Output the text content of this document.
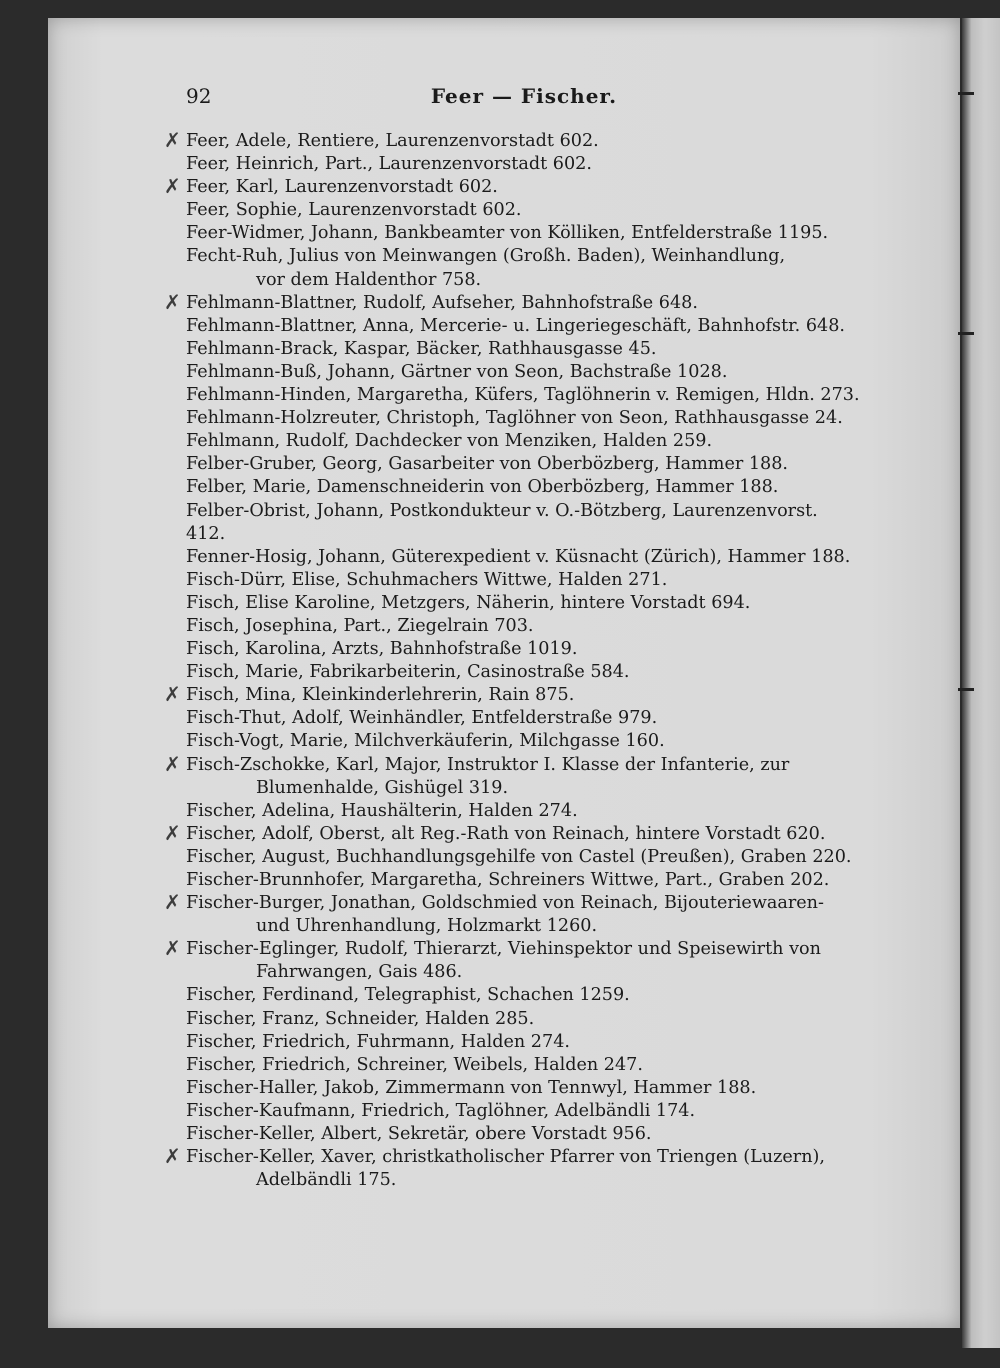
92	Feer — Fischer.

✗ Feer, Adele, Rentiere, Laurenzenvorstadt 602.

Feer, Heinrich, Part., Laurenzenvorstadt 602.

✗ Feer, Karl, Laurenzenvorstadt 602.

Feer, Sophie, Laurenzenvorstadt 602.

Feer-Widmer, Johann, Bankbeamter von Kölliken, Entfelderstraße 1195.

Fecht-Ruh, Julius von Meinwangen (Großh. Baden), Weinhandlung,
vor dem Haldenthor 758.

✗ Fehlmann-Blattner, Rudolf, Aufseher, Bahnhofstraße 648.

Fehlmann-Blattner, Anna, Mercerie- u. Lingeriegeschäft, Bahnhofstr. 648.

Fehlmann-Brack, Kaspar, Bäcker, Rathhausgasse 45.

Fehlmann-Buß, Johann, Gärtner von Seon, Bachstraße 1028.

Fehlmann-Hinden, Margaretha, Küfers, Taglöhnerin v. Remigen, Hldn. 273.

Fehlmann-Holzreuter, Christoph, Taglöhner von Seon, Rathhausgasse 24.

Fehlmann, Rudolf, Dachdecker von Menziken, Halden 259.

Felber-Gruber, Georg, Gasarbeiter von Oberbözberg, Hammer 188.

Felber, Marie, Damenschneiderin von Oberbözberg, Hammer 188.

Felber-Obrist, Johann, Postkondukteur v. O.-Bötzberg, Laurenzenvorst. 412.

Fenner-Hosig, Johann, Güterexpedient v. Küsnacht (Zürich), Hammer 188.

Fisch-Dürr, Elise, Schuhmachers Wittwe, Halden 271.

Fisch, Elise Karoline, Metzgers, Näherin, hintere Vorstadt 694.

Fisch, Josephina, Part., Ziegelrain 703.

Fisch, Karolina, Arzts, Bahnhofstraße 1019.

Fisch, Marie, Fabrikarbeiterin, Casinostraße 584.

✗ Fisch, Mina, Kleinkinderlehrerin, Rain 875.

Fisch-Thut, Adolf, Weinhändler, Entfelderstraße 979.

Fisch-Vogt, Marie, Milchverkäuferin, Milchgasse 160.

✗ Fisch-Zschokke, Karl, Major, Instruktor I. Klasse der Infanterie, zur
Blumenhalde, Gishügel 319.

Fischer, Adelina, Haushälterin, Halden 274.

✗ Fischer, Adolf, Oberst, alt Reg.-Rath von Reinach, hintere Vorstadt 620.

Fischer, August, Buchhandlungsgehilfe von Castel (Preußen), Graben 220.

Fischer-Brunnhofer, Margaretha, Schreiners Wittwe, Part., Graben 202.

✗ Fischer-Burger, Jonathan, Goldschmied von Reinach, Bijouteriewaaren-
und Uhrenhandlung, Holzmarkt 1260.

✗ Fischer-Eglinger, Rudolf, Thierarzt, Viehinspektor und Speisewirth von
Fahrwangen, Gais 486.

Fischer, Ferdinand, Telegraphist, Schachen 1259.

Fischer, Franz, Schneider, Halden 285.

Fischer, Friedrich, Fuhrmann, Halden 274.

Fischer, Friedrich, Schreiner, Weibels, Halden 247.

Fischer-Haller, Jakob, Zimmermann von Tennwyl, Hammer 188.

Fischer-Kaufmann, Friedrich, Taglöhner, Adelbändli 174.

Fischer-Keller, Albert, Sekretär, obere Vorstadt 956.

✗ Fischer-Keller, Xaver, christkatholischer Pfarrer von Triengen (Luzern),
Adelbändli 175.
